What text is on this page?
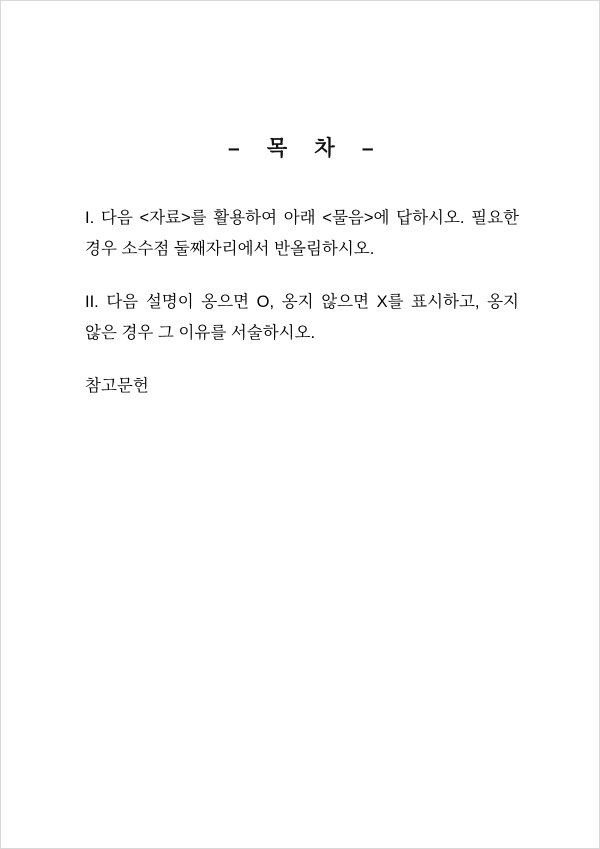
– 목 차 –

I. 다음 <자료>를 활용하여 아래 <물음>에 답하시오. 필요한 경우 소수점 둘째자리에서 반올림하시오.

II. 다음 설명이 옹으면 O, 옹지 않으면 X를 표시하고, 옹지 않은 경우 그 이유를 서술하시오.

참고문헌
